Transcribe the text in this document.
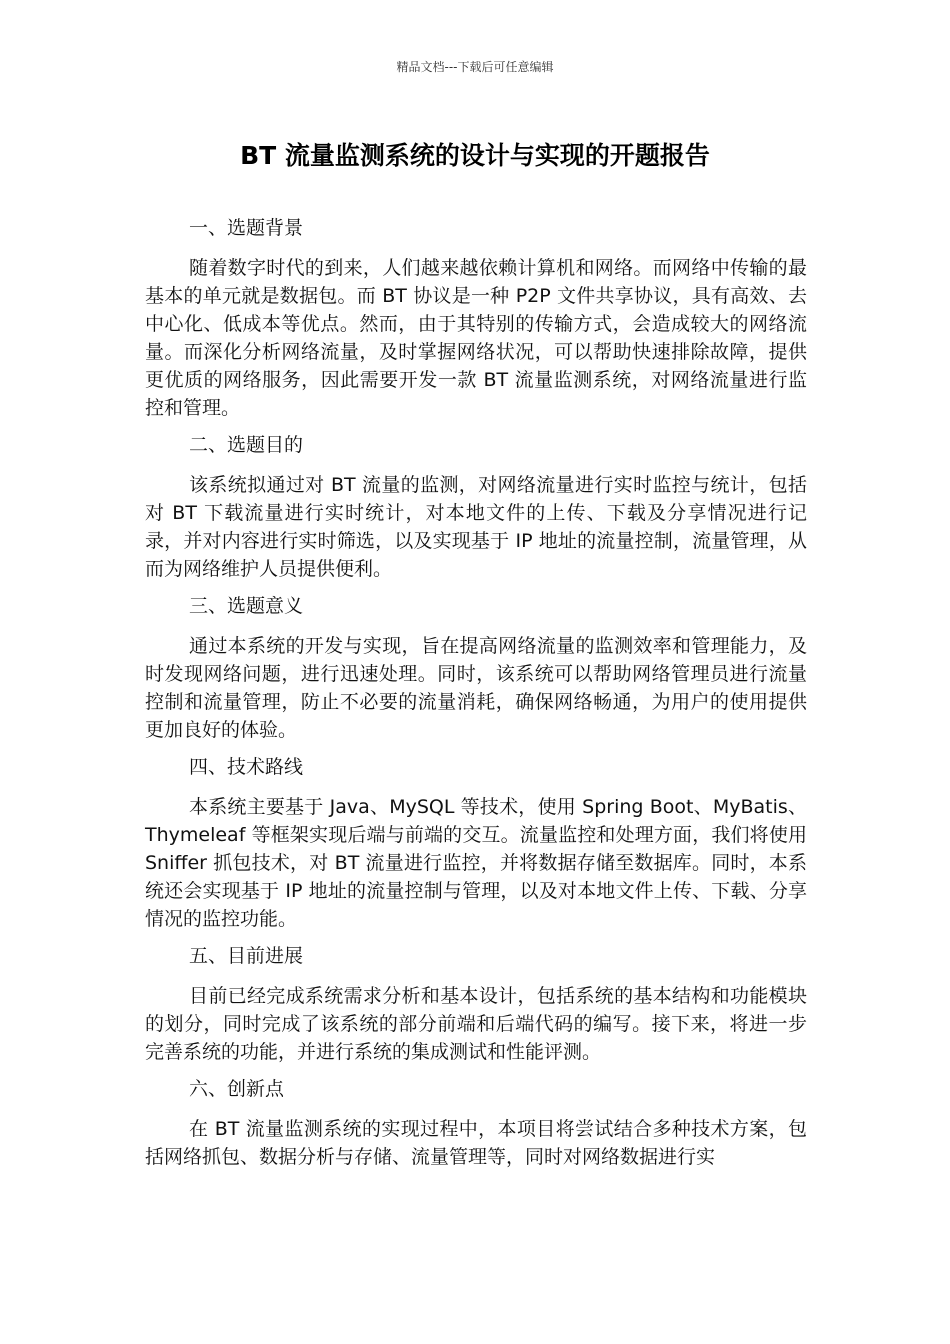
精品文档---下载后可任意编辑
BT 流量监测系统的设计与实现的开题报告

一、选题背景

随着数字时代的到来，人们越来越依赖计算机和网络。而网络中传输的最基本的单元就是数据包。而 BT 协议是一种 P2P 文件共享协议，具有高效、去中心化、低成本等优点。然而，由于其特别的传输方式，会造成较大的网络流量。而深化分析网络流量，及时掌握网络状况，可以帮助快速排除故障，提供更优质的网络服务，因此需要开发一款 BT 流量监测系统，对网络流量进行监控和管理。

二、选题目的

该系统拟通过对 BT 流量的监测，对网络流量进行实时监控与统计，包括对 BT 下载流量进行实时统计，对本地文件的上传、下载及分享情况进行记录，并对内容进行实时筛选，以及实现基于 IP 地址的流量控制，流量管理，从而为网络维护人员提供便利。

三、选题意义

通过本系统的开发与实现，旨在提高网络流量的监测效率和管理能力，及时发现网络问题，进行迅速处理。同时，该系统可以帮助网络管理员进行流量控制和流量管理，防止不必要的流量消耗，确保网络畅通，为用户的使用提供更加良好的体验。

四、技术路线

本系统主要基于 Java、MySQL 等技术，使用 Spring Boot、MyBatis、Thymeleaf 等框架实现后端与前端的交互。流量监控和处理方面，我们将使用 Sniffer 抓包技术，对 BT 流量进行监控，并将数据存储至数据库。同时，本系统还会实现基于 IP 地址的流量控制与管理，以及对本地文件上传、下载、分享情况的监控功能。

五、目前进展

目前已经完成系统需求分析和基本设计，包括系统的基本结构和功能模块的划分，同时完成了该系统的部分前端和后端代码的编写。接下来，将进一步完善系统的功能，并进行系统的集成测试和性能评测。

六、创新点

在 BT 流量监测系统的实现过程中，本项目将尝试结合多种技术方案，包括网络抓包、数据分析与存储、流量管理等，同时对网络数据进行实
